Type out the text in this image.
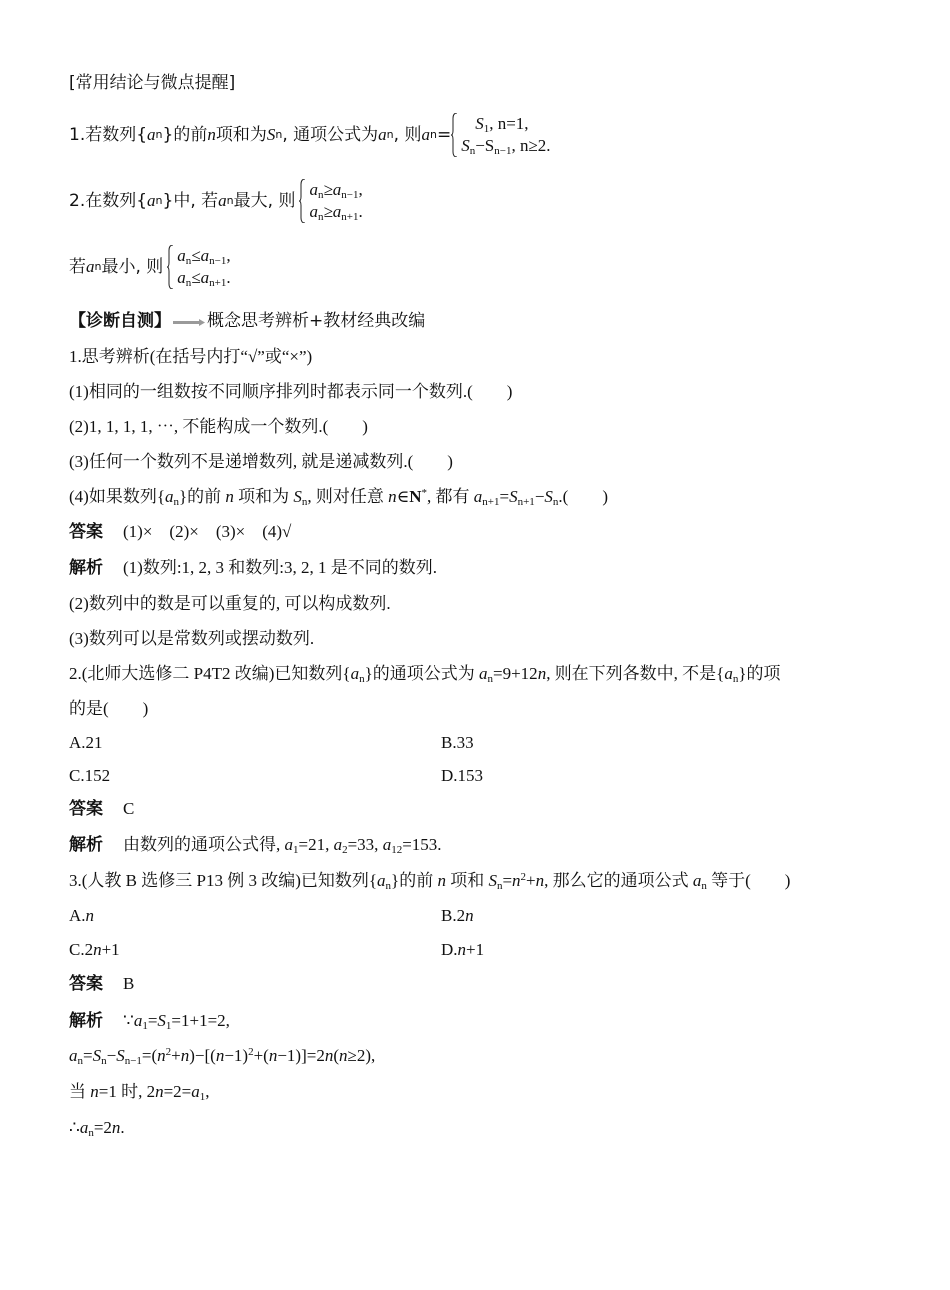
[常用结论与微点提醒]
1.若数列{ a n }的前 n 项和为 S n , 通项公式为 a n , 则 a n =
$S_1$, n=1,
$S_n-S_{n-1}$, n≥2.
2.在数列{ a n }中, 若 a n 最大, 则
$a_n\ge a_{n-1}$,
$a_n\ge a_{n+1}$.
若 a n 最小, 则
$a_n\le a_{n-1}$,
$a_n\le a_{n+1}$.
【诊断自测】 概念思考辨析+教材经典改编
1.思考辨析(在括号内打“√”或“×”)
(1)相同的一组数按不同顺序排列时都表示同一个数列.(　　)
(2)1, 1, 1, 1, ⋯, 不能构成一个数列.(　　)
(3)任何一个数列不是递增数列, 就是递减数列.(　　)
(4)如果数列$\{a_n\}$的前 n 项和为 $S_n$, 则对任意 n∈N*, 都有 $a_{n+1}=S_{n+1}-S_n$.(　　)
答案 (1)×　(2)×　(3)×　(4)√
解析 (1)数列:1, 2, 3 和数列:3, 2, 1 是不同的数列.
(2)数列中的数是可以重复的, 可以构成数列.
(3)数列可以是常数列或摆动数列.
2.(北师大选修二 P4T2 改编)已知数列$\{a_n\}$的通项公式为 $a_n=9+12n$, 则在下列各数中, 不是$\{a_n\}$的项
的是(　　)
A.21	B.33
C.152	D.153
答案 C
解析 由数列的通项公式得, $a_1=21$, $a_2=33$, $a_{12}=153$.
3.(人教 B 选修三 P13 例 3 改编)已知数列$\{a_n\}$的前 n 项和 $S_n=n^2+n$, 那么它的通项公式 $a_n$ 等于(　　)
A.n	B.2n
C.2n+1	D.n+1
答案 B
解析 $\because a_1=S_1=1+1=2$,
$a_n=S_n-S_{n-1}=(n^2+n)-[(n-1)^2+(n-1)]=2n(n\ge 2)$,
当 n=1 时, $2n=2=a_1$,
$\therefore a_n=2n$.
